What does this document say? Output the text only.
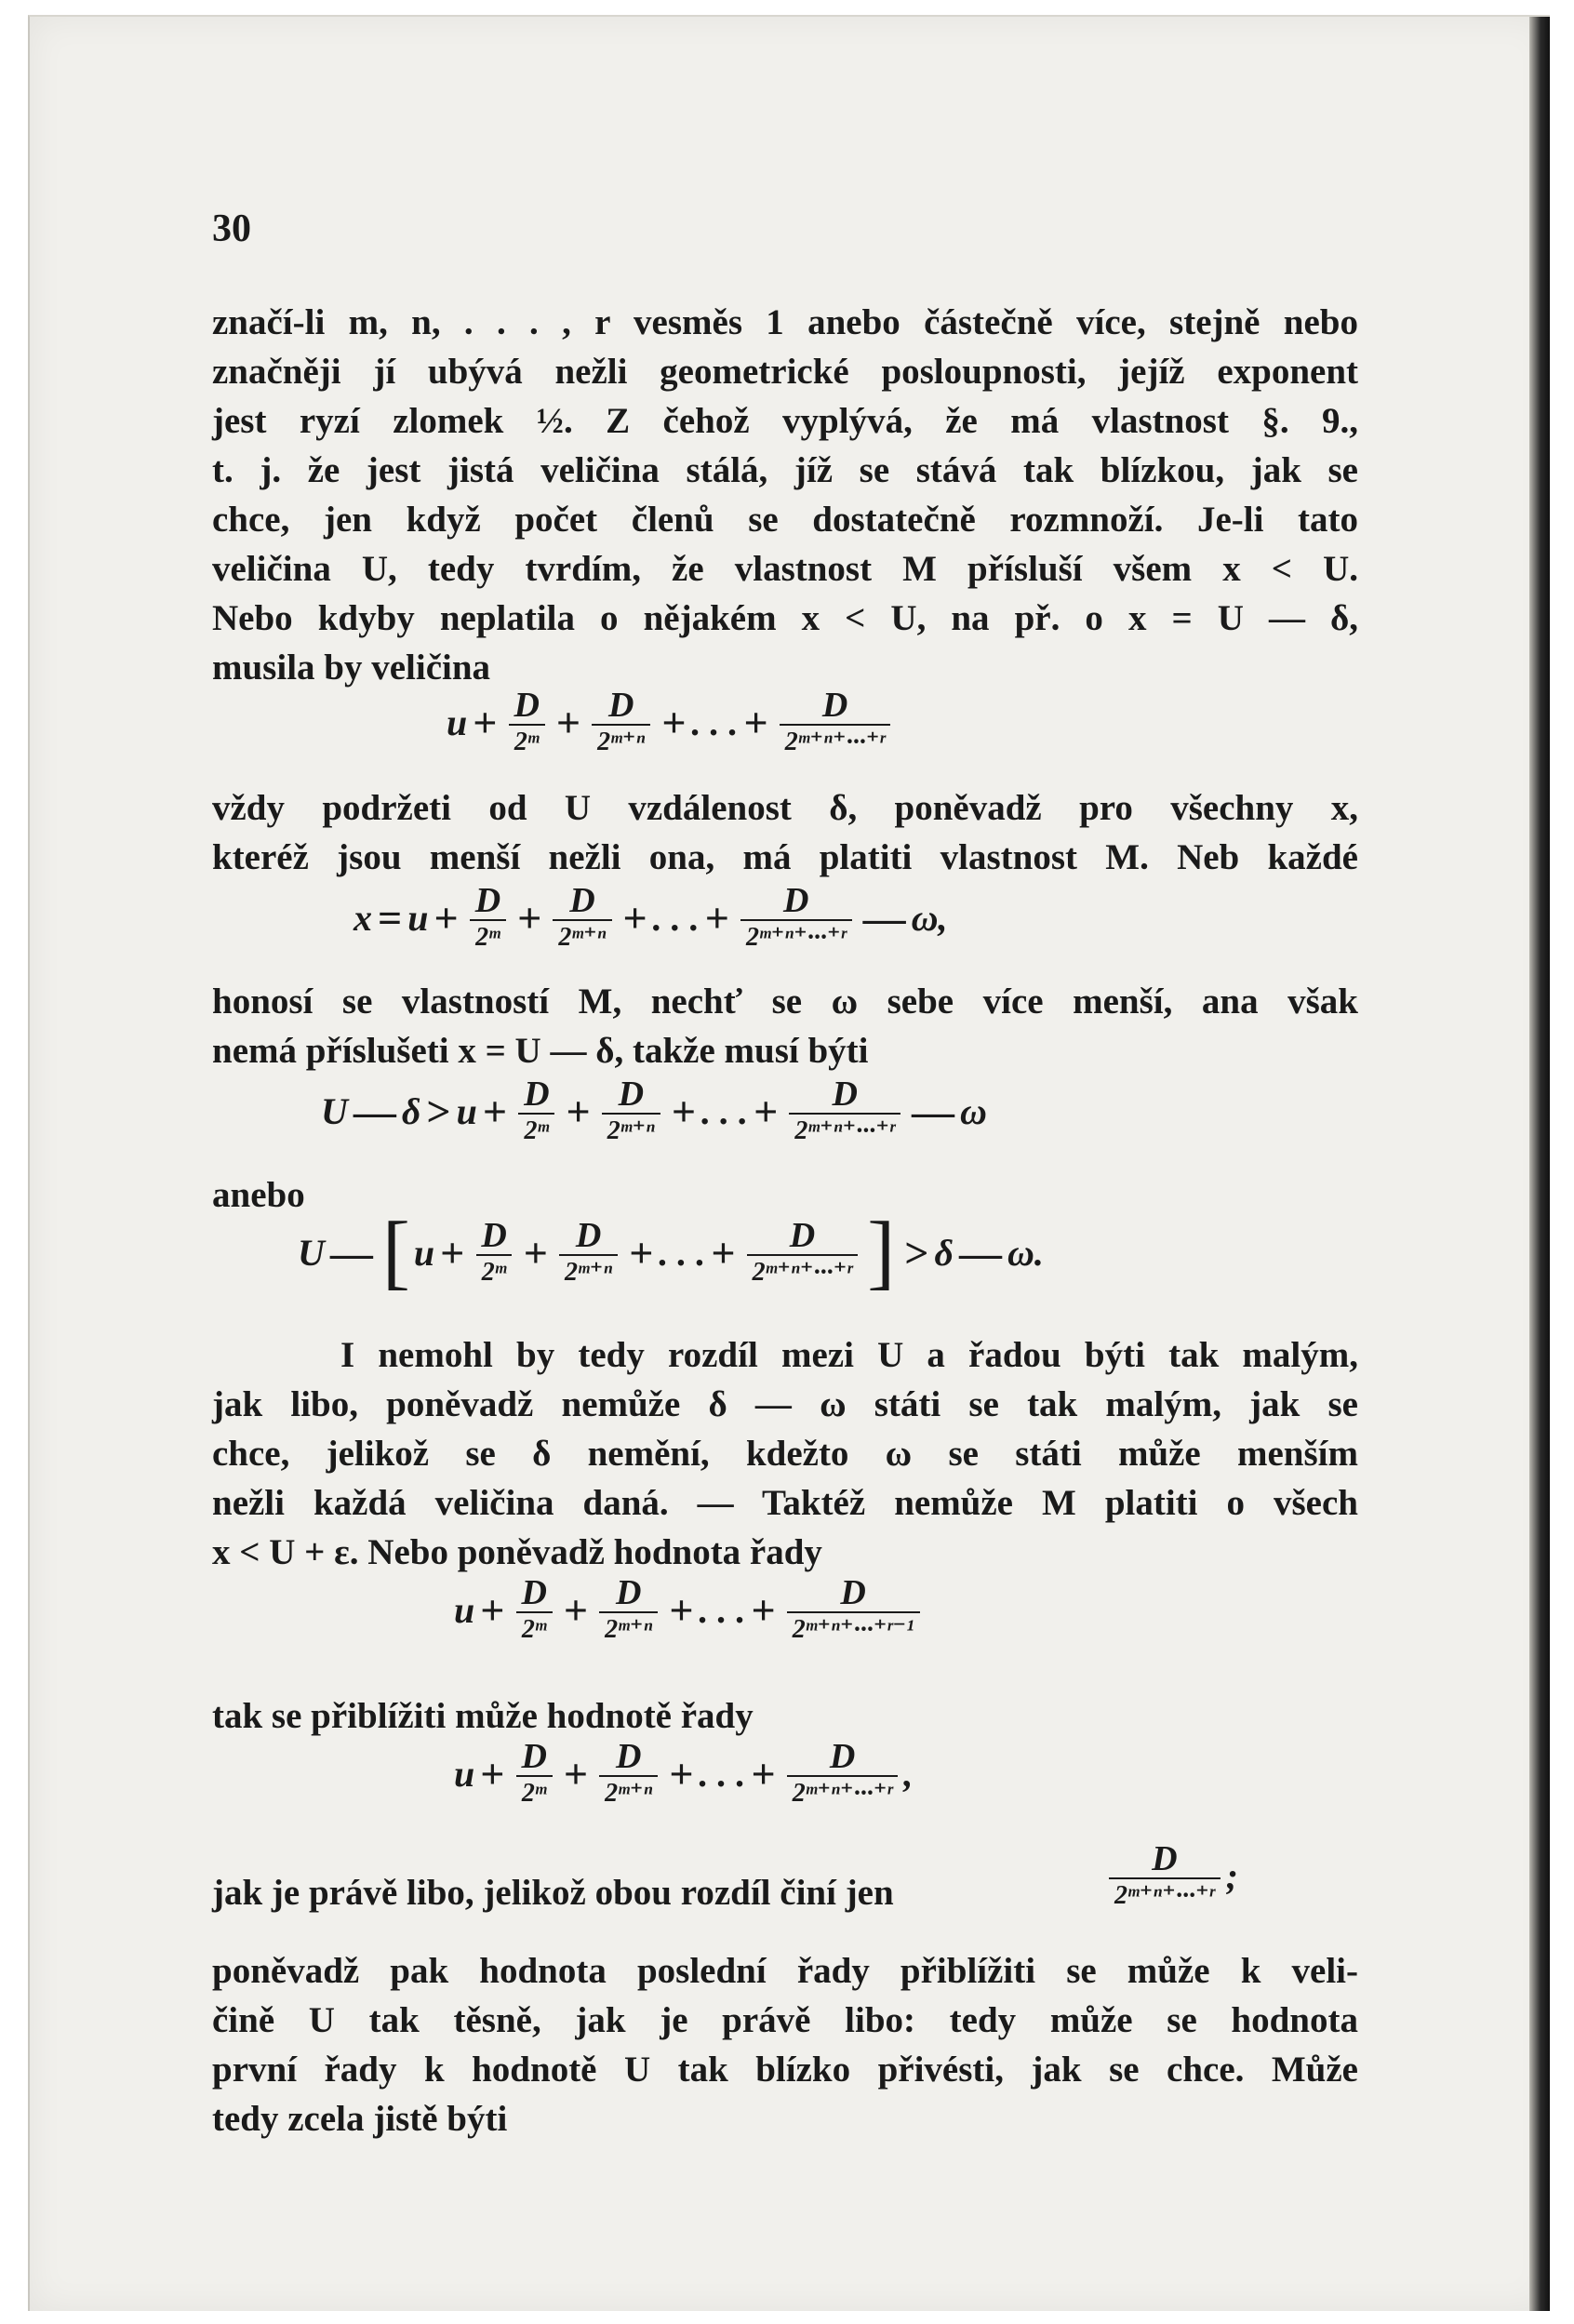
30
značí-li m, n, . . . , r vesměs 1 anebo částečně více, stejně nebo
značněji jí ubývá nežli geometrické posloupnosti, jejíž exponent
jest ryzí zlomek ½. Z čehož vyplývá, že má vlastnost §. 9.,
t. j. že jest jistá veličina stálá, jíž se stává tak blízkou, jak se
chce, jen když počet členů se dostatečně rozmnoží. Je-li tato
veličina U, tedy tvrdím, že vlastnost M přísluší všem x < U.
Nebo kdyby neplatila o nějakém x < U, na př. o x = U — δ,
musila by veličina
$u + \frac{D}{\text{2ᵐ}} + \frac{D}{\text{2ᵐ⁺ⁿ}}$ + . . . + $\frac{D}{\text{2ᵐ⁺ⁿ⁺···⁺ʳ}}$
vždy podržeti od U vzdálenost δ, poněvadž pro všechny x,
kteréž jsou menší nežli ona, má platiti vlastnost M. Neb každé
$x = u + \frac{D}{\text{2ᵐ}} + \frac{D}{\text{2ᵐ⁺ⁿ}}$ + . . . + $\frac{D}{\text{2ᵐ⁺ⁿ⁺···⁺ʳ}}$ — ω ,
honosí se vlastností M, nechť se ω sebe více menší, ana však
nemá příslušeti x = U — δ, takže musí býti
U — $\delta > u + \frac{D}{\text{2ᵐ}} + \frac{D}{\text{2ᵐ⁺ⁿ}}$ + . . . + $\frac{D}{\text{2ᵐ⁺ⁿ⁺···⁺ʳ}}$ — ω
anebo
U — [ $u + \frac{D}{\text{2ᵐ}} + \frac{D}{\text{2ᵐ⁺ⁿ}}$ + . . . + $\frac{D}{\text{2ᵐ⁺ⁿ⁺···⁺ʳ}}$ ] > δ — ω .
I nemohl by tedy rozdíl mezi U a řadou býti tak malým,
jak libo, poněvadž nemůže δ — ω státi se tak malým, jak se
chce, jelikož se δ nemění, kdežto ω se státi může menším
nežli každá veličina daná. — Taktéž nemůže M platiti o všech
x < U + ε. Nebo poněvadž hodnota řady
$u + \frac{D}{\text{2ᵐ}} + \frac{D}{\text{2ᵐ⁺ⁿ}}$ + . . . + $\frac{D}{\text{2ᵐ⁺ⁿ⁺···⁺ʳ⁻¹}}$
tak se přiblížiti může hodnotě řady
$u + \frac{D}{\text{2ᵐ}} + \frac{D}{\text{2ᵐ⁺ⁿ}}$ + . . . + $\frac{D}{\text{2ᵐ⁺ⁿ⁺···⁺ʳ}}$ ,
jak je právě libo, jelikož obou rozdíl činí jen	$\frac{D}{\text{2ᵐ⁺ⁿ⁺···⁺ʳ}}$ ;
poněvadž pak hodnota poslední řady přiblížiti se může k veli-
čině U tak těsně, jak je právě libo: tedy může se hodnota
první řady k hodnotě U tak blízko přivésti, jak se chce. Může
tedy zcela jistě býti
